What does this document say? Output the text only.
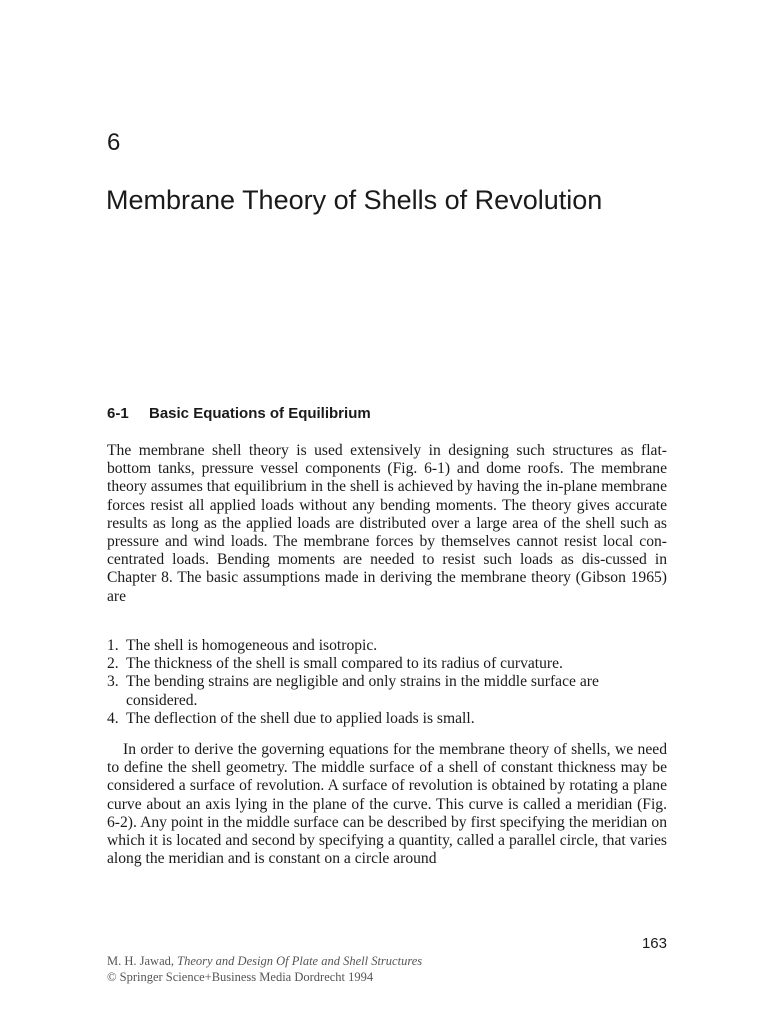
6
Membrane Theory of Shells of Revolution
6-1 Basic Equations of Equilibrium

The membrane shell theory is used extensively in designing such structures as flat-bottom tanks, pressure vessel components (Fig. 6-1) and dome roofs. The membrane theory assumes that equilibrium in the shell is achieved by having the in-plane membrane forces resist all applied loads without any bending moments. The theory gives accurate results as long as the applied loads are distributed over a large area of the shell such as pressure and wind loads. The membrane forces by themselves cannot resist local con-centrated loads. Bending moments are needed to resist such loads as dis-cussed in Chapter 8. The basic assumptions made in deriving the membrane theory (Gibson 1965) are

1. The shell is homogeneous and isotropic.
2. The thickness of the shell is small compared to its radius of curvature.
3. The bending strains are negligible and only strains in the middle surface are considered.
4. The deflection of the shell due to applied loads is small.

In order to derive the governing equations for the membrane theory of shells, we need to define the shell geometry. The middle surface of a shell of constant thickness may be considered a surface of revolution. A surface of revolution is obtained by rotating a plane curve about an axis lying in the plane of the curve. This curve is called a meridian (Fig. 6-2). Any point in the middle surface can be described by first specifying the meridian on which it is located and second by specifying a quantity, called a parallel circle, that varies along the meridian and is constant on a circle around

163
M. H. Jawad, Theory and Design Of Plate and Shell Structures
© Springer Science+Business Media Dordrecht 1994
